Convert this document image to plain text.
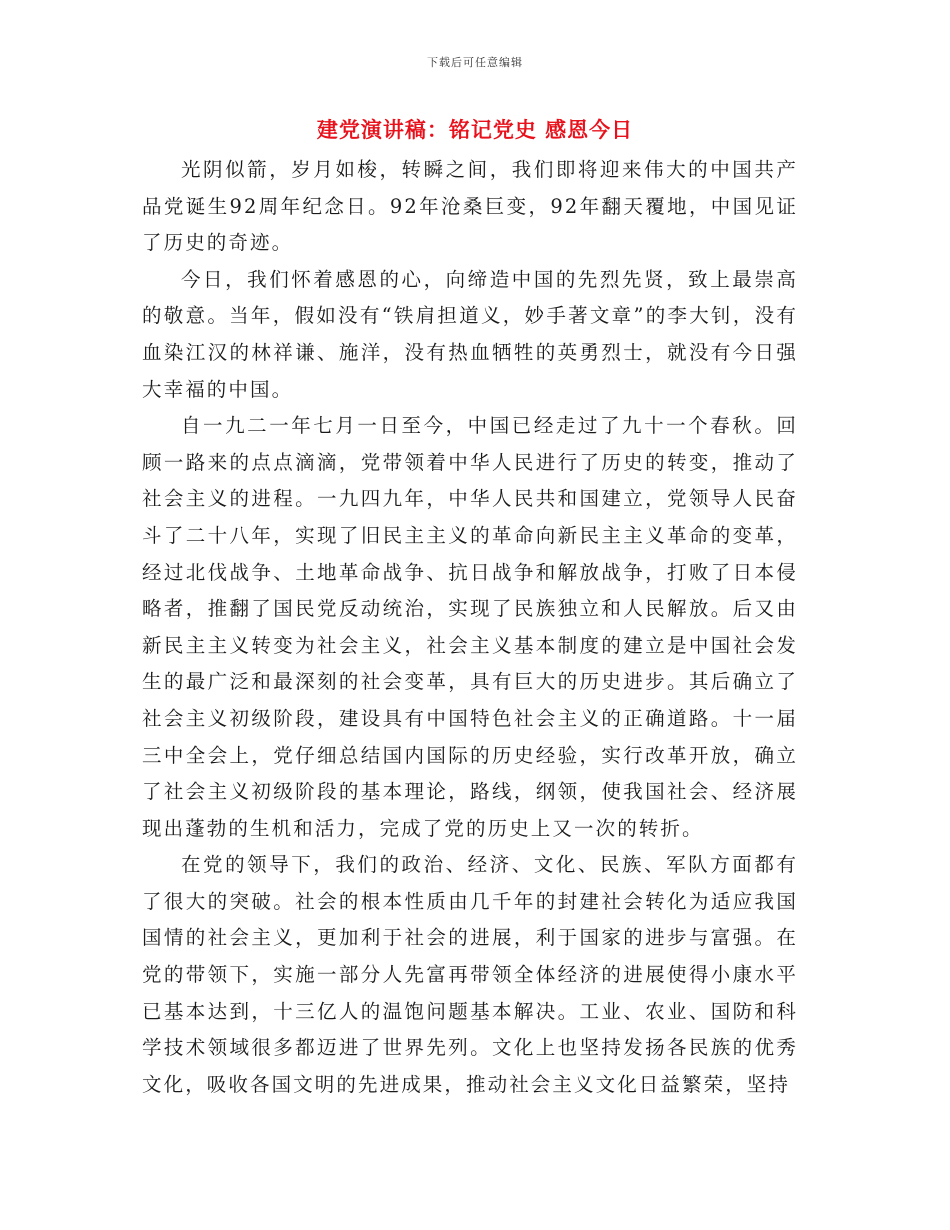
下载后可任意编辑
建党演讲稿：铭记党史 感恩今日

光阴似箭，岁月如梭，转瞬之间，我们即将迎来伟大的中国共产品党诞生92周年纪念日。92年沧桑巨变，92年翻天覆地，中国见证了历史的奇迹。

今日，我们怀着感恩的心，向缔造中国的先烈先贤，致上最崇高的敬意。当年，假如没有“铁肩担道义，妙手著文章”的李大钊，没有血染江汉的林祥谦、施洋，没有热血牺牲的英勇烈士，就没有今日强大幸福的中国。

自一九二一年七月一日至今，中国已经走过了九十一个春秋。回顾一路来的点点滴滴，党带领着中华人民进行了历史的转变，推动了社会主义的进程。一九四九年，中华人民共和国建立，党领导人民奋斗了二十八年，实现了旧民主主义的革命向新民主主义革命的变革，经过北伐战争、土地革命战争、抗日战争和解放战争，打败了日本侵略者，推翻了国民党反动统治，实现了民族独立和人民解放。后又由新民主主义转变为社会主义，社会主义基本制度的建立是中国社会发生的最广泛和最深刻的社会变革，具有巨大的历史进步。其后确立了社会主义初级阶段，建设具有中国特色社会主义的正确道路。十一届三中全会上，党仔细总结国内国际的历史经验，实行改革开放，确立了社会主义初级阶段的基本理论，路线，纲领，使我国社会、经济展现出蓬勃的生机和活力，完成了党的历史上又一次的转折。

在党的领导下，我们的政治、经济、文化、民族、军队方面都有了很大的突破。社会的根本性质由几千年的封建社会转化为适应我国国情的社会主义，更加利于社会的进展，利于国家的进步与富强。在党的带领下，实施一部分人先富再带领全体经济的进展使得小康水平已基本达到，十三亿人的温饱问题基本解决。工业、农业、国防和科学技术领域很多都迈进了世界先列。文化上也坚持发扬各民族的优秀文化，吸收各国文明的先进成果，推动社会主义文化日益繁荣，坚持
